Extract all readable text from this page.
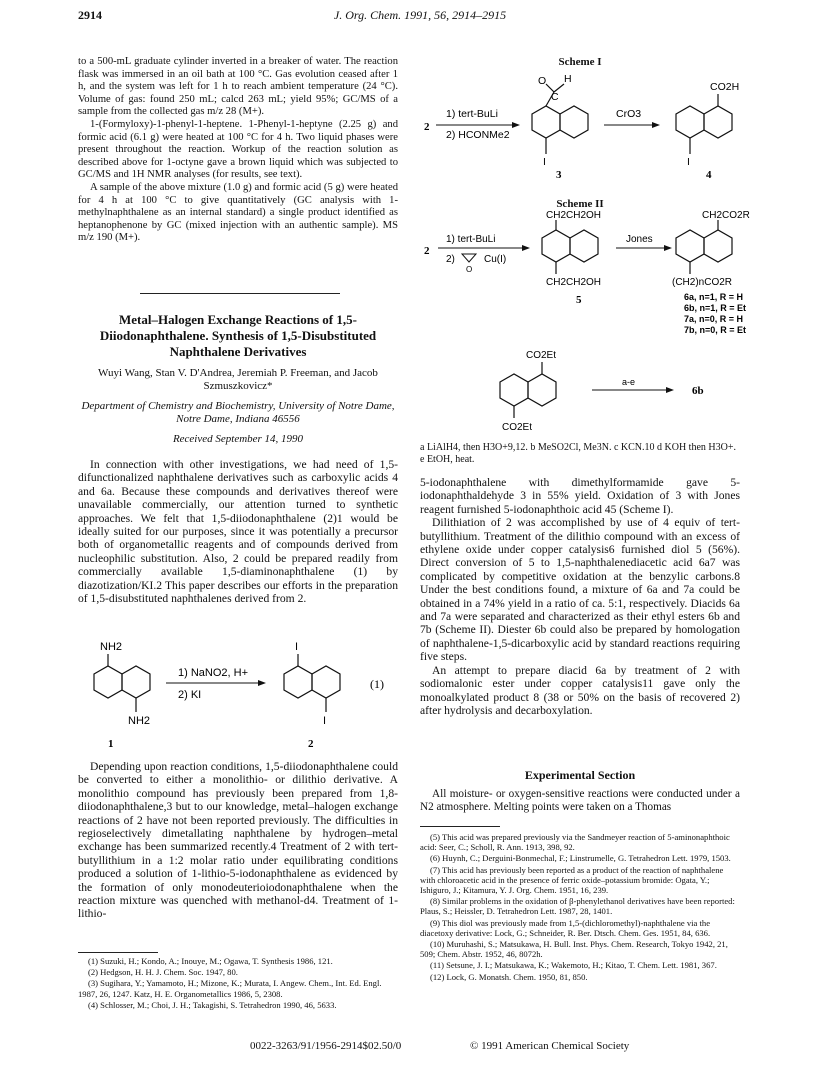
2914	J. Org. Chem. 1991, 56, 2914–2915

to a 500-mL graduate cylinder inverted in a breaker of water. The reaction flask was immersed in an oil bath at 100 °C. Gas evolution ceased after 1 h, and the system was left for 1 h to reach ambient temperature (24 °C). Volume of gas: found 250 mL; calcd 263 mL; yield 95%; GC/MS of a sample from the collected gas m/z 28 (M+).

1-(Formyloxy)-1-phenyl-1-heptene. 1-Phenyl-1-heptyne (2.25 g) and formic acid (6.1 g) were heated at 100 °C for 4 h. Two liquid phases were present throughout the reaction. Workup of the reaction solution as described above for 1-octyne gave a brown liquid which was subjected to GC/MS and 1H NMR analyses (for results, see text).

A sample of the above mixture (1.0 g) and formic acid (5 g) were heated for 4 h at 100 °C to give quantitatively (GC analysis with 1-methylnaphthalene as an internal standard) a single product identified as heptanophenone by GC (mixed injection with an authentic sample). MS m/z 190 (M+).

Metal–Halogen Exchange Reactions of 1,5-Diiodonaphthalene. Synthesis of 1,5-Disubstituted Naphthalene Derivatives
Wuyi Wang, Stan V. D'Andrea, Jeremiah P. Freeman, and Jacob Szmuszkovicz*
Department of Chemistry and Biochemistry, University of Notre Dame, Notre Dame, Indiana 46556
Received September 14, 1990

In connection with other investigations, we had need of 1,5-difunctionalized naphthalene derivatives such as carboxylic acids 4 and 6a. Because these compounds and derivatives thereof were unavailable commercially, our attention turned to synthetic approaches. We felt that 1,5-diiodonaphthalene (2)1 would be ideally suited for our purposes, since it was potentially a precursor both of organometallic reagents and of compounds derived from nucleophilic substitution. Also, 2 could be prepared readily from commercially available 1,5-diaminonaphthalene (1) by diazotization/KI.2 This paper describes our efforts in the preparation of 1,5-disubstituted naphthalenes derived from 2.

NH2
NH2
1
1) NaNO2, H+
2) KI
I
I
2
(1)

Depending upon reaction conditions, 1,5-diiodonaphthalene could be converted to either a monolithio- or dilithio derivative. A monolithio compound has previously been prepared from 1,8-diiodonaphthalene,3 but to our knowledge, metal–halogen exchange reactions of 2 have not been reported previously. The difficulties in regioselectively dimetallating naphthalene by hydrogen–metal exchange has been summarized recently.4 Treatment of 2 with tert-butyllithium in a 1:2 molar ratio under equilibrating conditions produced a solution of 1-lithio-5-iodonaphthalene as evidenced by the formation of only monodeuterioiodonaphthalene when the reaction mixture was quenched with methanol-d4. Treatment of 1-lithio-

(1) Suzuki, H.; Kondo, A.; Inouye, M.; Ogawa, T. Synthesis 1986, 121.

(2) Hedgson, H. H. J. Chem. Soc. 1947, 80.

(3) Sugihara, Y.; Yamamoto, H.; Mizone, K.; Murata, I. Angew. Chem., Int. Ed. Engl. 1987, 26, 1247. Katz, H. E. Organometallics 1986, 5, 2308.

(4) Schlosser, M.; Choi, J. H.; Takagishi, S. Tetrahedron 1990, 46, 5633.

Scheme I
2
1) tert-BuLi
2) HCONMe2
O
C
H
I
3
CrO3
CO2H
I
4
Scheme II
2
1) tert-BuLi
2)
O
Cu(I)
CH2CH2OH
CH2CH2OH
5
Jones
CH2CO2R
(CH2)nCO2R
6a, n=1, R = H
6b, n=1, R = Et
7a, n=0, R = H
7b, n=0, R = Et
CO2Et
CO2Et
a-e
6b
a LiAlH4, then H3O+9,12. b MeSO2Cl, Me3N. c KCN.10 d KOH then H3O+. e EtOH, heat.

5-iodonaphthalene with dimethylformamide gave 5-iodonaphthaldehyde 3 in 55% yield. Oxidation of 3 with Jones reagent furnished 5-iodonaphthoic acid 45 (Scheme I).

Dilithiation of 2 was accomplished by use of 4 equiv of tert-butyllithium. Treatment of the dilithio compound with an excess of ethylene oxide under copper catalysis6 furnished diol 5 (56%). Direct conversion of 5 to 1,5-naphthalenediacetic acid 6a7 was complicated by competitive oxidation at the benzylic carbons.8 Under the best conditions found, a mixture of 6a and 7a could be obtained in a 74% yield in a ratio of ca. 5:1, respectively. Diacids 6a and 7a were separated and characterized as their ethyl esters 6b and 7b (Scheme II). Diester 6b could also be prepared by homologation of naphthalene-1,5-dicarboxylic acid by standard reactions requiring five steps.

An attempt to prepare diacid 6a by treatment of 2 with sodiomalonic ester under copper catalysis11 gave only the monoalkylated product 8 (38 or 50% on the basis of recovered 2) after hydrolysis and decarboxylation.

Experimental Section

All moisture- or oxygen-sensitive reactions were conducted under a N2 atmosphere. Melting points were taken on a Thomas

(5) This acid was prepared previously via the Sandmeyer reaction of 5-aminonaphthoic acid: Seer, C.; Scholl, R. Ann. 1913, 398, 92.

(6) Huynh, C.; Derguini-Bonmechal, F.; Linstrumelle, G. Tetrahedron Lett. 1979, 1503.

(7) This acid has previously been reported as a product of the reaction of naphthalene with chloroacetic acid in the presence of ferric oxide–potassium bromide: Ogata, Y.; Ishiguro, J.; Kitamura, Y. J. Org. Chem. 1951, 16, 239.

(8) Similar problems in the oxidation of β-phenylethanol derivatives have been reported: Plaus, S.; Heissler, D. Tetrahedron Lett. 1987, 28, 1401.

(9) This diol was previously made from 1,5-(dichloromethyl)-naphthalene via the diacetoxy derivative: Lock, G.; Schneider, R. Ber. Dtsch. Chem. Ges. 1951, 84, 636.

(10) Muruhashi, S.; Matsukawa, H. Bull. Inst. Phys. Chem. Research, Tokyo 1942, 21, 509; Chem. Abstr. 1952, 46, 8072h.

(11) Setsune, J. I.; Matsukawa, K.; Wakemoto, H.; Kitao, T. Chem. Lett. 1981, 367.

(12) Lock, G. Monatsh. Chem. 1950, 81, 850.

0022-3263/91/1956-2914$02.50/0	© 1991 American Chemical Society
